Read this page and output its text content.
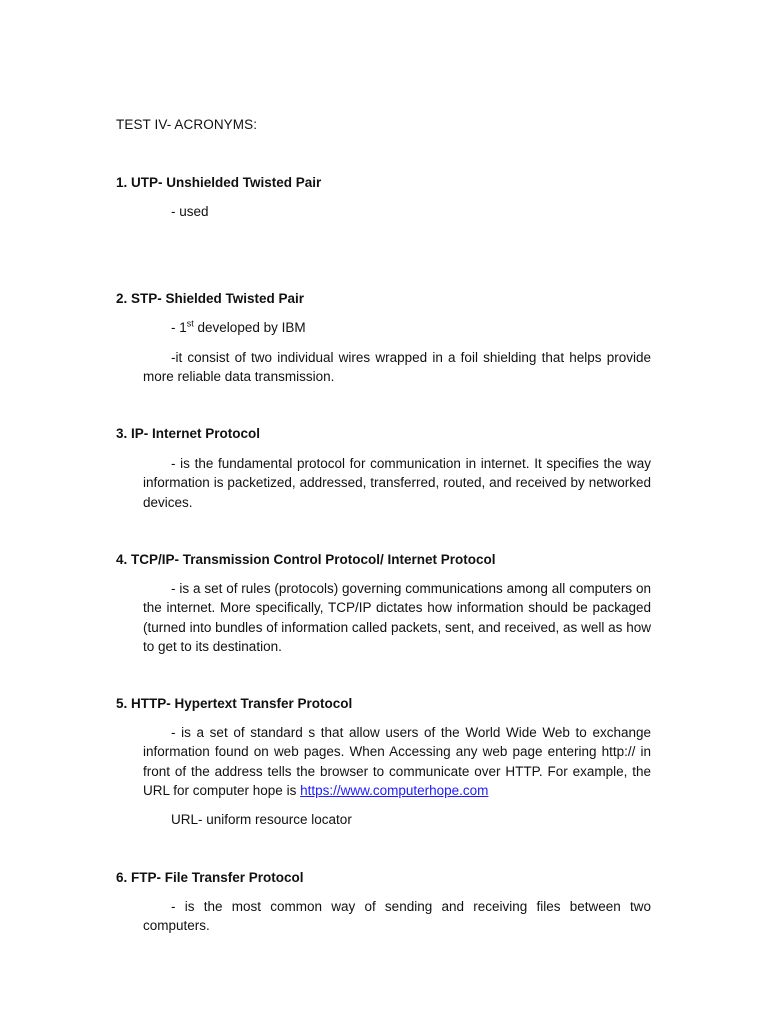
TEST IV- ACRONYMS:
1. UTP- Unshielded Twisted Pair
- used
2. STP- Shielded Twisted Pair
- 1st developed by IBM
-it consist of two individual wires wrapped in a foil shielding that helps provide more reliable data transmission.
3. IP- Internet Protocol
- is the fundamental protocol for communication in internet. It specifies the way information is packetized, addressed, transferred, routed, and received by networked devices.
4. TCP/IP- Transmission Control Protocol/ Internet Protocol
- is a set of rules (protocols) governing communications among all computers on the internet. More specifically, TCP/IP dictates how information should be packaged (turned into bundles of information called packets, sent, and received, as well as how to get to its destination.
5. HTTP- Hypertext Transfer Protocol
- is a set of standard s that allow users of the World Wide Web to exchange information found on web pages. When Accessing any web page entering http:// in front of the address tells the browser to communicate over HTTP. For example, the URL for computer hope is https://www.computerhope.com
URL- uniform resource locator
6. FTP- File Transfer Protocol
- is the most common way of sending and receiving files between two computers.
